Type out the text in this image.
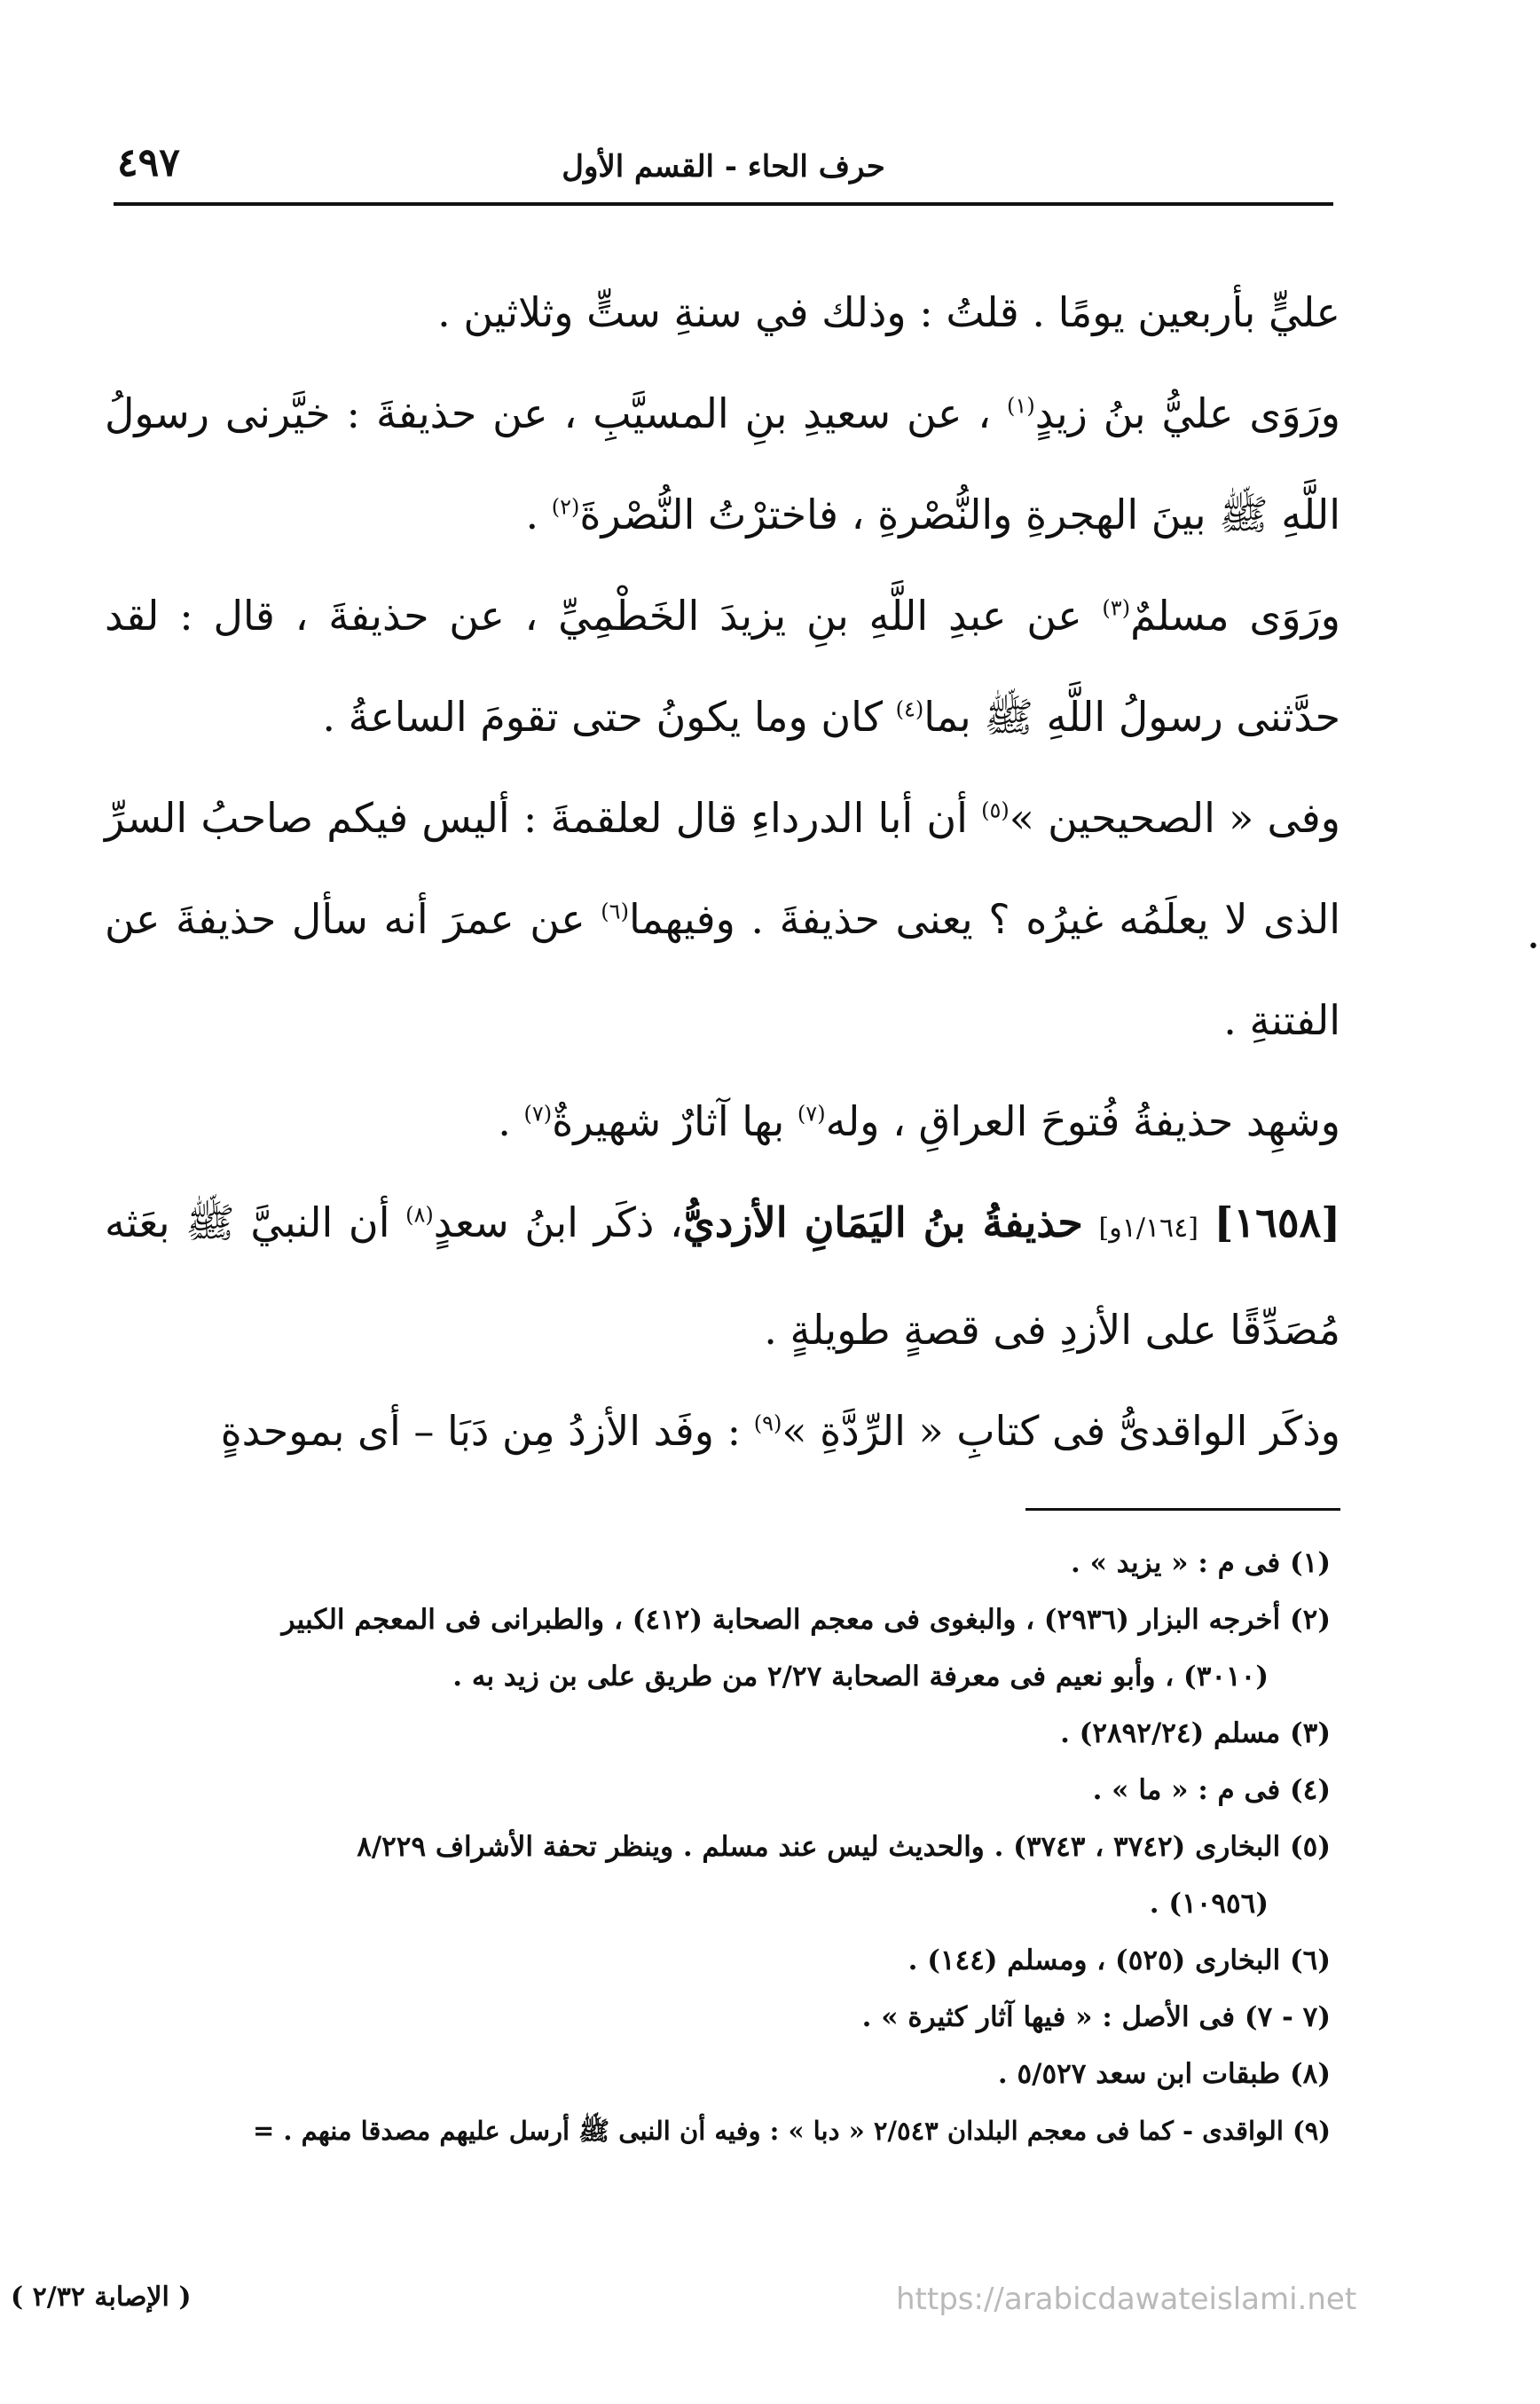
٤٩٧	حرف الحاء - القسم الأول

عليٍّ بأربعين يومًا . قلتُ : وذلك في سنةِ ستٍّ وثلاثين .

ورَوَى عليُّ بنُ زيدٍ$^{(١)}$ ، عن سعيدِ بنِ المسيَّبِ ، عن حذيفةَ : خيَّرنى رسولُ اللَّهِ ﷺ بينَ الهجرةِ والنُّصْرةِ ، فاخترْتُ النُّصْرةَ$^{(٢)}$ .

ورَوَى مسلمٌ$^{(٣)}$ عن عبدِ اللَّهِ بنِ يزيدَ الخَطْمِيِّ ، عن حذيفةَ ، قال : لقد حدَّثنى رسولُ اللَّهِ ﷺ بما$^{(٤)}$ كان وما يكونُ حتى تقومَ الساعةُ .

وفى « الصحيحين »$^{(٥)}$ أن أبا الدرداءِ قال لعلقمةَ : أليس فيكم صاحبُ السرِّ الذى لا يعلَمُه غيرُه ؟ يعنى حذيفةَ . وفيهما$^{(٦)}$ عن عمرَ أنه سأل حذيفةَ عن الفتنةِ .

وشهِد حذيفةُ فُتوحَ العراقِ ، وله$^{(٧)}$ بها آثارٌ شهيرةٌ$^{(٧)}$ .

[١٦٥٨] [١/١٦٤و] حذيفةُ بنُ اليَمَانِ الأزديُّ، ذكَر ابنُ سعدٍ$^{(٨)}$ أن النبيَّ ﷺ بعَثه مُصَدِّقًا على الأزدِ فى قصةٍ طويلةٍ .

وذكَر الواقدىُّ فى كتابِ « الرِّدَّةِ »$^{(٩)}$ : وفَد الأزدُ مِن دَبَا – أى بموحدةٍ

(١) فى م : « يزيد » .

(٢) أخرجه البزار (٢٩٣٦) ، والبغوى فى معجم الصحابة (٤١٢) ، والطبرانى فى المعجم الكبير

(٣٠١٠) ، وأبو نعيم فى معرفة الصحابة ٢/٢٧ من طريق على بن زيد به .

(٣) مسلم (٢٨٩٢/٢٤) .

(٤) فى م : « ما » .

(٥) البخارى (٣٧٤٢ ، ٣٧٤٣) . والحديث ليس عند مسلم . وينظر تحفة الأشراف ٨/٢٢٩

(١٠٩٥٦) .

(٦) البخارى (٥٢٥) ، ومسلم (١٤٤) .

(٧ - ٧) فى الأصل : « فيها آثار كثيرة » .

(٨) طبقات ابن سعد ٥/٥٢٧ .

(٩) الواقدى - كما فى معجم البلدان ٢/٥٤٣ « دبا » : وفيه أن النبى ﷺ أرسل عليهم مصدقا منهم . =

( الإصابة ٢/٣٢ )	https://arabicdawateislami.net
•
